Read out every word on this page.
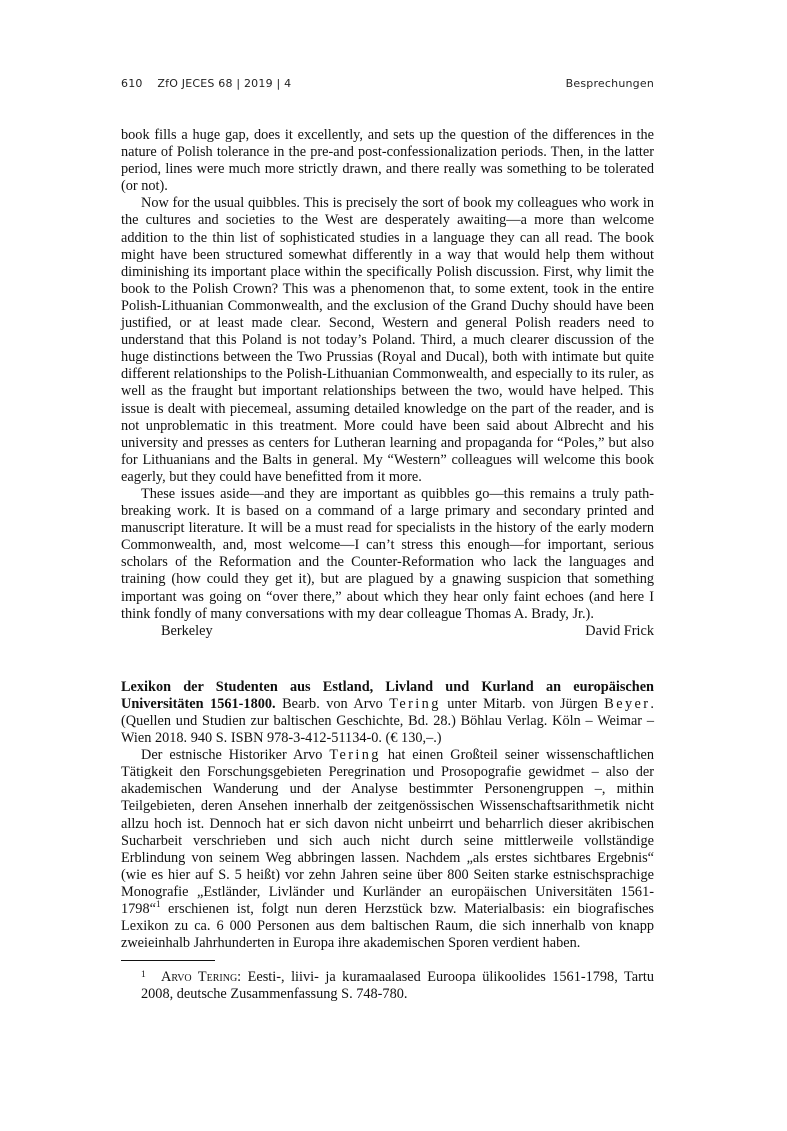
610 ZfO JECES 68 | 2019 | 4	Besprechungen

book fills a huge gap, does it excellently, and sets up the question of the differences in the nature of Polish tolerance in the pre-and post-confessionalization periods. Then, in the latter period, lines were much more strictly drawn, and there really was something to be tolerated (or not).

Now for the usual quibbles. This is precisely the sort of book my colleagues who work in the cultures and societies to the West are desperately awaiting—a more than welcome addition to the thin list of sophisticated studies in a language they can all read. The book might have been structured somewhat differently in a way that would help them without diminishing its important place within the specifically Polish discussion. First, why limit the book to the Polish Crown? This was a phenomenon that, to some extent, took in the entire Polish-Lithuanian Commonwealth, and the exclusion of the Grand Duchy should have been justified, or at least made clear. Second, Western and general Polish readers need to understand that this Poland is not today’s Poland. Third, a much clearer discussion of the huge distinctions between the Two Prussias (Royal and Ducal), both with intimate but quite different relationships to the Polish-Lithuanian Commonwealth, and especially to its ruler, as well as the fraught but important relationships between the two, would have helped. This issue is dealt with piecemeal, assuming detailed knowledge on the part of the reader, and is not unproblematic in this treatment. More could have been said about Albrecht and his university and presses as centers for Lutheran learning and propaganda for “Poles,” but also for Lithuanians and the Balts in general. My “Western” colleagues will welcome this book eagerly, but they could have benefitted from it more.

These issues aside—and they are important as quibbles go—this remains a truly path-breaking work. It is based on a command of a large primary and secondary printed and manuscript literature. It will be a must read for specialists in the history of the early modern Commonwealth, and, most welcome—I can’t stress this enough—for important, serious scholars of the Reformation and the Counter-Reformation who lack the languages and training (how could they get it), but are plagued by a gnawing suspicion that something important was going on “over there,” about which they hear only faint echoes (and here I think fondly of many conversations with my dear colleague Thomas A. Brady, Jr.).

Berkeley	David Frick

Lexikon der Studenten aus Estland, Livland und Kurland an europäischen Universitäten 1561-1800. Bearb. von Arvo Tering unter Mitarb. von Jürgen Beyer. (Quellen und Studien zur baltischen Geschichte, Bd. 28.) Böhlau Verlag. Köln – Weimar – Wien 2018. 940 S. ISBN 978-3-412-51134-0. (€ 130,–.)

Der estnische Historiker Arvo Tering hat einen Großteil seiner wissenschaftlichen Tätigkeit den Forschungsgebieten Peregrination und Prosopografie gewidmet – also der akademischen Wanderung und der Analyse bestimmter Personengruppen –, mithin Teilgebieten, deren Ansehen innerhalb der zeitgenössischen Wissenschaftsarithmetik nicht allzu hoch ist. Dennoch hat er sich davon nicht unbeirrt und beharrlich dieser akribischen Sucharbeit verschrieben und sich auch nicht durch seine mittlerweile vollständige Erblindung von seinem Weg abbringen lassen. Nachdem „als erstes sichtbares Ergebnis“ (wie es hier auf S. 5 heißt) vor zehn Jahren seine über 800 Seiten starke estnischsprachige Monografie „Estländer, Livländer und Kurländer an europäischen Universitäten 1561-1798“$^1$ erschienen ist, folgt nun deren Herzstück bzw. Materialbasis: ein biografisches Lexikon zu ca. 6 000 Personen aus dem baltischen Raum, die sich innerhalb von knapp zweieinhalb Jahrhunderten in Europa ihre akademischen Sporen verdient haben.

1 Arvo Tering: Eesti-, liivi- ja kuramaalased Euroopa ülikoolides 1561-1798, Tartu 2008, deutsche Zusammenfassung S. 748-780.
